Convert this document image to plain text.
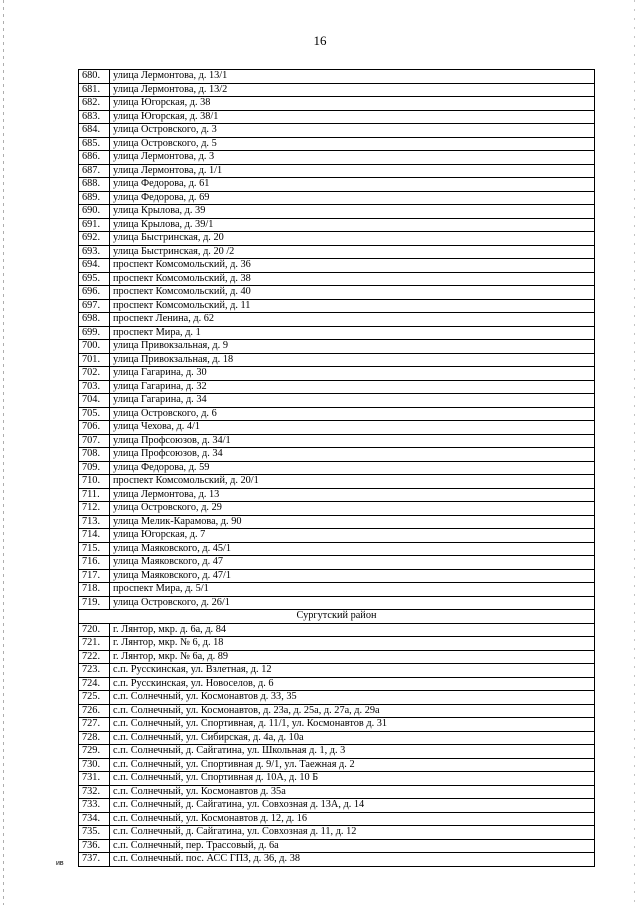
16
680.	улица Лермонтова, д. 13/1
681.	улица Лермонтова, д. 13/2
682.	улица Югорская, д. 38
683.	улица Югорская, д. 38/1
684.	улица Островского, д. 3
685.	улица Островского, д. 5
686.	улица Лермонтова, д. 3
687.	улица Лермонтова, д. 1/1
688.	улица Федорова, д. 61
689.	улица Федорова, д. 69
690.	улица Крылова, д. 39
691.	улица Крылова, д. 39/1
692.	улица Быстринская, д. 20
693.	улица Быстринская, д. 20 /2
694.	проспект Комсомольский, д. 36
695.	проспект Комсомольский, д. 38
696.	проспект Комсомольский, д. 40
697.	проспект Комсомольский, д. 11
698.	проспект Ленина, д. 62
699.	проспект Мира, д. 1
700.	улица Привокзальная, д. 9
701.	улица Привокзальная, д. 18
702.	улица Гагарина, д. 30
703.	улица Гагарина, д. 32
704.	улица Гагарина, д. 34
705.	улица Островского, д. 6
706.	улица Чехова, д. 4/1
707.	улица Профсоюзов, д. 34/1
708.	улица Профсоюзов, д. 34
709.	улица Федорова, д. 59
710.	проспект Комсомольский, д. 20/1
711.	улица Лермонтова, д. 13
712.	улица Островского, д. 29
713.	улица Мелик-Карамова, д. 90
714.	улица Югорская, д. 7
715.	улица Маяковского, д. 45/1
716.	улица Маяковского, д. 47
717.	улица Маяковского, д. 47/1
718.	проспект Мира, д. 5/1
719.	улица Островского, д. 26/1
Сургутский район	
720.	г. Лянтор, мкр. д. 6а, д. 84
721.	г. Лянтор, мкр. № 6, д. 18
722.	г. Лянтор, мкр. № 6а, д. 89
723.	с.п. Русскинская, ул. Взлетная, д. 12
724.	с.п. Русскинская, ул. Новоселов, д. 6
725.	с.п. Солнечный, ул. Космонавтов д. 33, 35
726.	с.п. Солнечный, ул. Космонавтов, д. 23а, д. 25а, д. 27а, д. 29а
727.	с.п. Солнечный, ул. Спортивная, д. 11/1, ул. Космонавтов д. 31
728.	с.п. Солнечный, ул. Сибирская, д. 4а, д. 10а
729.	с.п. Солнечный, д. Сайгатина, ул. Школьная д. 1, д. 3
730.	с.п. Солнечный, ул. Спортивная д. 9/1, ул. Таежная д. 2
731.	с.п. Солнечный, ул. Спортивная д. 10А, д. 10 Б
732.	с.п. Солнечный, ул. Космонавтов д. 35а
733.	с.п. Солнечный, д. Сайгатина, ул. Совхозная д. 13А, д. 14
734.	с.п. Солнечный, ул. Космонавтов д. 12, д. 16
735.	с.п. Солнечный, д. Сайгатина, ул. Совхозная д. 11, д. 12
736.	с.п. Солнечный, пер. Трассовый, д. 6а
737.	с.п. Солнечный. пос. АСС ГПЗ, д. 36, д. 38
ив
